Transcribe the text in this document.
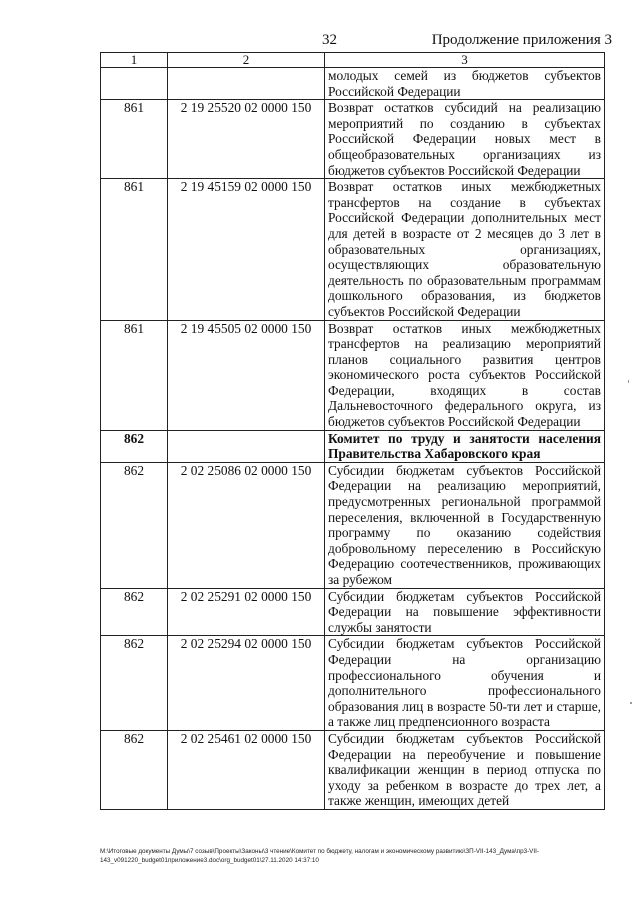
32	Продолжение приложения 3
1	2	3
		молодых семей из бюджетов субъектов Российской Федерации
861	2 19 25520 02 0000 150	Возврат остатков субсидий на реализацию мероприятий по созданию в субъектах Российской Федерации новых мест в общеобразовательных организациях из бюджетов субъектов Российской Федерации
861	2 19 45159 02 0000 150	Возврат остатков иных межбюджетных трансфертов на создание в субъектах Российской Федерации дополнительных мест для детей в возрасте от 2 месяцев до 3 лет в образовательных организациях, осуществляющих образовательную деятельность по образовательным программам дошкольного образования, из бюджетов субъектов Российской Федерации
861	2 19 45505 02 0000 150	Возврат остатков иных межбюджетных трансфертов на реализацию мероприятий планов социального развития центров экономического роста субъектов Российской Федерации, входящих в состав Дальневосточного федерального округа, из бюджетов субъектов Российской Федерации
862		Комитет по труду и занятости населения Правительства Хабаровского края
862	2 02 25086 02 0000 150	Субсидии бюджетам субъектов Российской Федерации на реализацию мероприятий, предусмотренных региональной программой переселения, включенной в Государственную программу по оказанию содействия добровольному переселению в Российскую Федерацию соотечественников, проживающих за рубежом
862	2 02 25291 02 0000 150	Субсидии бюджетам субъектов Российской Федерации на повышение эффективности службы занятости
862	2 02 25294 02 0000 150	Субсидии бюджетам субъектов Российской Федерации на организацию профессионального обучения и дополнительного профессионального образования лиц в возрасте 50-ти лет и старше, а также лиц предпенсионного возраста
862	2 02 25461 02 0000 150	Субсидии бюджетам субъектов Российской Федерации на переобучение и повышение квалификации женщин в период отпуска по уходу за ребенком в возрасте до трех лет, а также женщин, имеющих детей
М:\Итоговые документы Думы\7 созыв\Проекты\Законы\3 чтение\Комитет по бюджету, налогам и экономическому развитию\ЗП-VII-143_Дума\пр3-VII-
143_v091220_budget01приложение3.doc\org_budget01\27.11.2020 14:37:10
